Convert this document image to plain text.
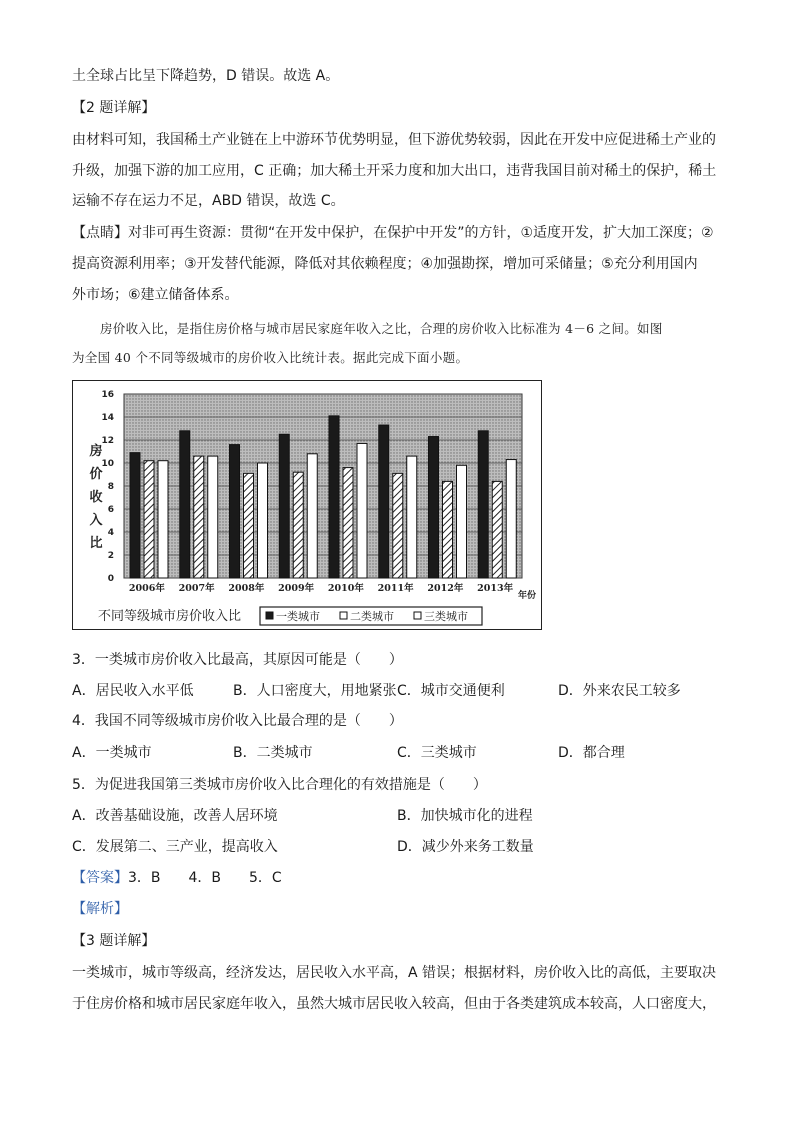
土全球占比呈下降趋势，D 错误。故选 A。
【2 题详解】
由材料可知，我国稀土产业链在上中游环节优势明显，但下游优势较弱，因此在开发中应促进稀土产业的
升级，加强下游的加工应用，C 正确；加大稀土开采力度和加大出口，违背我国目前对稀土的保护，稀土
运输不存在运力不足，ABD 错误，故选 C。
【点睛】对非可再生资源：贯彻“在开发中保护，在保护中开发”的方针，①适度开发，扩大加工深度；②
提高资源利用率；③开发替代能源，降低对其依赖程度；④加强勘探，增加可采储量；⑤充分利用国内
外市场；⑥建立储备体系。
房价收入比，是指住房价格与城市居民家庭年收入之比，合理的房价收入比标准为 4－6 之间。如图
为全国 40 个不同等级城市的房价收入比统计表。据此完成下面小题。
0
2
4
6
8
10
12
14
16
2006年 2007年 2008年 2009年 2010年 2011年 2012年 2013年
房价收入比
年份
不同等级城市房价收入比	一类城市	二类城市	三类城市
3．一类城市房价收入比最高，其原因可能是（　　）
A．居民收入水平低	B．人口密度大，用地紧张 C．城市交通便利	D．外来农民工较多
4．我国不同等级城市房价收入比最合理的是（　　）
A．一类城市	B．二类城市	C．三类城市	D．都合理
5．为促进我国第三类城市房价收入比合理化的有效措施是（　　）
A．改善基础设施，改善人居环境	B．加快城市化的进程
C．发展第二、三产业，提高收入	D．减少外来务工数量
【答案】3．B　　4．B　　5．C
【解析】
【3 题详解】
一类城市，城市等级高，经济发达，居民收入水平高，A 错误；根据材料，房价收入比的高低，主要取决
于住房价格和城市居民家庭年收入，虽然大城市居民收入较高，但由于各类建筑成本较高，人口密度大，
